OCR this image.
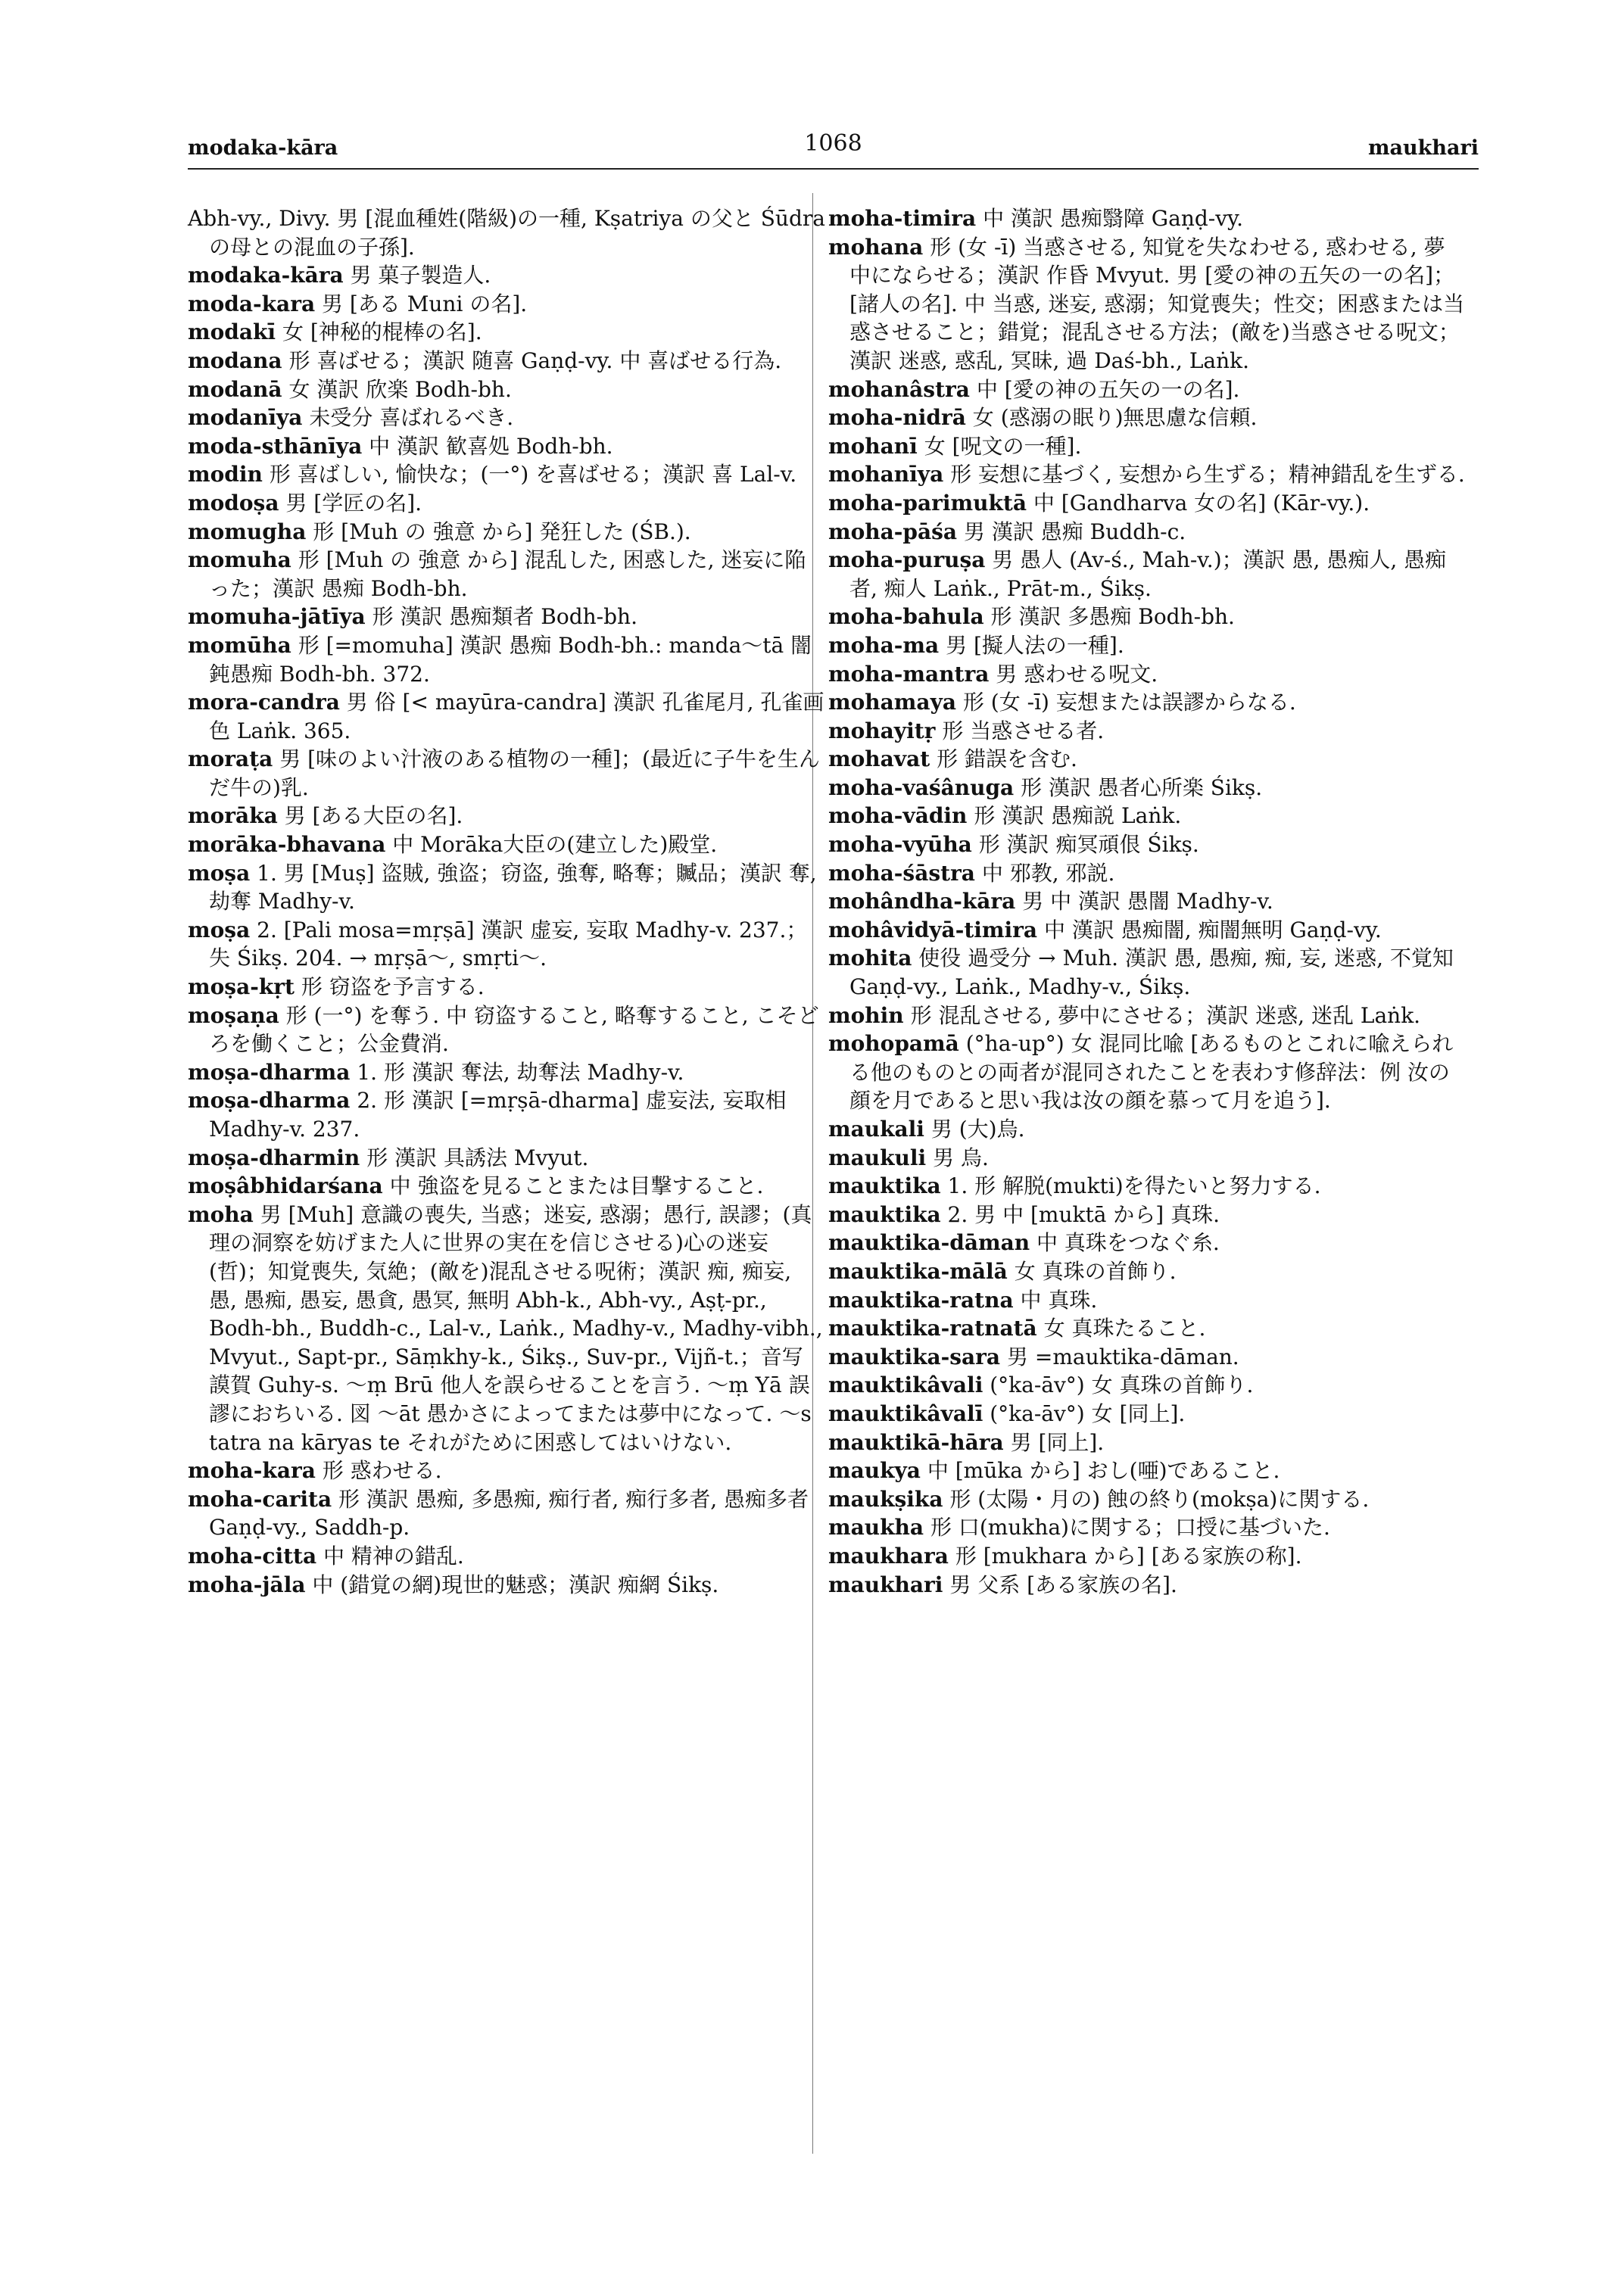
modaka-kāra	1068	maukhari

Abh-vy., Divy. 男 [混血種姓(階級)の一種, Kṣatriya の父と Śūdra の母との混血の子孫].

modaka-kāra 男 菓子製造人.

moda-kara 男 [ある Muni の名].

modakī 女 [神秘的棍棒の名].

modana 形 喜ばせる；漢訳 随喜 Gaṇḍ-vy. 中 喜ばせる行為.

modanā 女 漢訳 欣楽 Bodh-bh.

modanīya 未受分 喜ばれるべき.

moda-sthānīya 中 漢訳 歓喜処 Bodh-bh.

modin 形 喜ばしい, 愉快な；(一°) を喜ばせる；漢訳 喜 Lal-v.

modoṣa 男 [学匠の名].

momugha 形 [Muh の 強意 から] 発狂した (ŚB.).

momuha 形 [Muh の 強意 から] 混乱した, 困惑した, 迷妄に陥った；漢訳 愚痴 Bodh-bh.

momuha-jātīya 形 漢訳 愚痴類者 Bodh-bh.

momūha 形 [=momuha] 漢訳 愚痴 Bodh-bh.: manda～tā 闇鈍愚痴 Bodh-bh. 372.

mora-candra 男 俗 [< mayūra-candra] 漢訳 孔雀尾月, 孔雀画色 Laṅk. 365.

moraṭa 男 [味のよい汁液のある植物の一種]；(最近に子牛を生んだ牛の)乳.

morāka 男 [ある大臣の名].

morāka-bhavana 中 Morāka大臣の(建立した)殿堂.

moṣa 1. 男 [Muṣ] 盗賊, 強盗；窃盗, 強奪, 略奪；贓品；漢訳 奪, 劫奪 Madhy-v.

moṣa 2. [Pali mosa=mṛṣā] 漢訳 虚妄, 妄取 Madhy-v. 237.；失 Śikṣ. 204. → mṛṣā～, smṛti～.

moṣa-kṛt 形 窃盗を予言する.

moṣaṇa 形 (一°) を奪う. 中 窃盗すること, 略奪すること, こそどろを働くこと；公金費消.

moṣa-dharma 1. 形 漢訳 奪法, 劫奪法 Madhy-v.

moṣa-dharma 2. 形 漢訳 [=mṛṣā-dharma] 虚妄法, 妄取相 Madhy-v. 237.

moṣa-dharmin 形 漢訳 具誘法 Mvyut.

moṣâbhidarśana 中 強盗を見ることまたは目撃すること.

moha 男 [Muh] 意識の喪失, 当惑；迷妄, 惑溺；愚行, 誤謬；(真理の洞察を妨げまた人に世界の実在を信じさせる)心の迷妄 (哲)；知覚喪失, 気絶；(敵を)混乱させる呪術；漢訳 痴, 痴妄, 愚, 愚痴, 愚妄, 愚貪, 愚冥, 無明 Abh-k., Abh-vy., Aṣṭ-pr., Bodh-bh., Buddh-c., Lal-v., Laṅk., Madhy-v., Madhy-vibh., Mvyut., Sapt-pr., Sāṃkhy-k., Śikṣ., Suv-pr., Vijñ-t.；音写 謨賀 Guhy-s. ～ṃ Brū 他人を誤らせることを言う. ～ṃ Yā 誤謬におちいる. 図 ～āt 愚かさによってまたは夢中になって. ～s tatra na kāryas te それがために困惑してはいけない.

moha-kara 形 惑わせる.

moha-carita 形 漢訳 愚痴, 多愚痴, 痴行者, 痴行多者, 愚痴多者 Gaṇḍ-vy., Saddh-p.

moha-citta 中 精神の錯乱.

moha-jāla 中 (錯覚の網)現世的魅惑；漢訳 痴網 Śikṣ.

moha-timira 中 漢訳 愚痴翳障 Gaṇḍ-vy.

mohana 形 (女 -ī) 当惑させる, 知覚を失なわせる, 惑わせる, 夢中にならせる；漢訳 作昏 Mvyut. 男 [愛の神の五矢の一の名]；[諸人の名]. 中 当惑, 迷妄, 惑溺；知覚喪失；性交；困惑または当惑させること；錯覚；混乱させる方法；(敵を)当惑させる呪文；漢訳 迷惑, 惑乱, 冥昧, 過 Daś-bh., Laṅk.

mohanâstra 中 [愛の神の五矢の一の名].

moha-nidrā 女 (惑溺の眠り)無思慮な信頼.

mohanī 女 [呪文の一種].

mohanīya 形 妄想に基づく, 妄想から生ずる；精神錯乱を生ずる.

moha-parimuktā 中 [Gandharva 女の名] (Kār-vy.).

moha-pāśa 男 漢訳 愚痴 Buddh-c.

moha-puruṣa 男 愚人 (Av-ś., Mah-v.)；漢訳 愚, 愚痴人, 愚痴者, 痴人 Laṅk., Prāt-m., Śikṣ.

moha-bahula 形 漢訳 多愚痴 Bodh-bh.

moha-ma 男 [擬人法の一種].

moha-mantra 男 惑わせる呪文.

mohamaya 形 (女 -ī) 妄想または誤謬からなる.

mohayitṛ 形 当惑させる者.

mohavat 形 錯誤を含む.

moha-vaśânuga 形 漢訳 愚者心所楽 Śikṣ.

moha-vādin 形 漢訳 愚痴説 Laṅk.

moha-vyūha 形 漢訳 痴冥頑佷 Śikṣ.

moha-śāstra 中 邪教, 邪説.

mohândha-kāra 男 中 漢訳 愚闇 Madhy-v.

mohâvidyā-timira 中 漢訳 愚痴闇, 痴闇無明 Gaṇḍ-vy.

mohita 使役 過受分 → Muh. 漢訳 愚, 愚痴, 痴, 妄, 迷惑, 不覚知 Gaṇḍ-vy., Laṅk., Madhy-v., Śikṣ.

mohin 形 混乱させる, 夢中にさせる；漢訳 迷惑, 迷乱 Laṅk.

mohopamā (°ha-up°) 女 混同比喩 [あるものとこれに喩えられる他のものとの両者が混同されたことを表わす修辞法：例 汝の顔を月であると思い我は汝の顔を慕って月を追う].

maukali 男 (大)烏.

maukuli 男 烏.

mauktika 1. 形 解脱(mukti)を得たいと努力する.

mauktika 2. 男 中 [muktā から] 真珠.

mauktika-dāman 中 真珠をつなぐ糸.

mauktika-mālā 女 真珠の首飾り.

mauktika-ratna 中 真珠.

mauktika-ratnatā 女 真珠たること.

mauktika-sara 男 =mauktika-dāman.

mauktikâvali (°ka-āv°) 女 真珠の首飾り.

mauktikâvalī (°ka-āv°) 女 [同上].

mauktikā-hāra 男 [同上].

maukya 中 [mūka から] おし(唖)であること.

maukṣika 形 (太陽・月の) 蝕の終り(mokṣa)に関する.

maukha 形 口(mukha)に関する；口授に基づいた.

maukhara 形 [mukhara から] [ある家族の称].

maukhari 男 父系 [ある家族の名].
